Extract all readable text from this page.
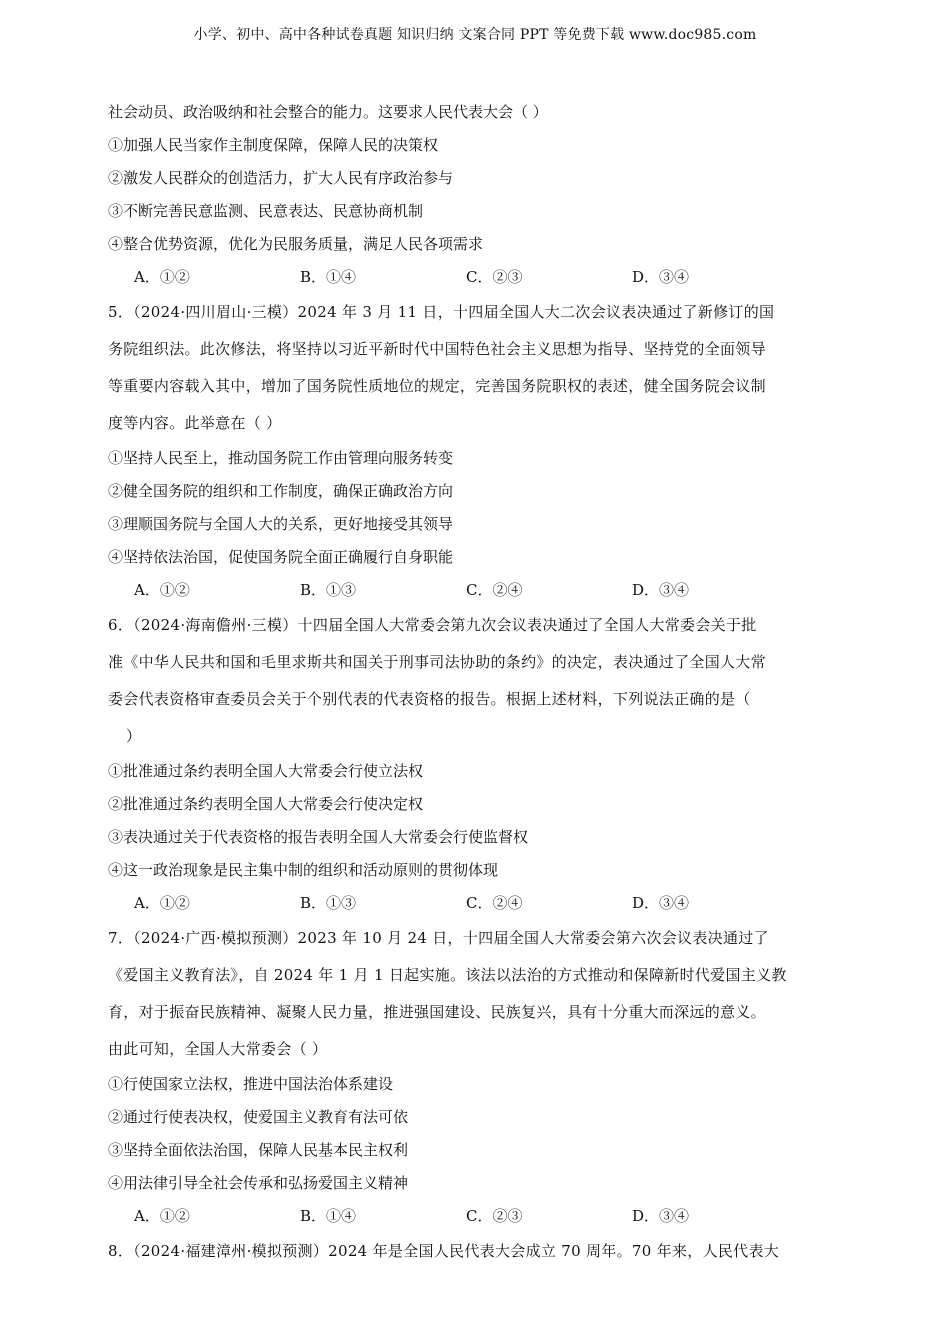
小学、初中、高中各种试卷真题 知识归纳 文案合同 PPT 等免费下载 www.doc985.com
社会动员、政治吸纳和社会整合的能力。这要求人民代表大会（ ）
①加强人民当家作主制度保障，保障人民的决策权
②激发人民群众的创造活力，扩大人民有序政治参与
③不断完善民意监测、民意表达、民意协商机制
④整合优势资源，优化为民服务质量，满足人民各项需求
A．①②	B．①④	C．②③	D．③④
5．（2024·四川眉山·三模）2024 年 3 月 11 日，十四届全国人大二次会议表决通过了新修订的国
务院组织法。此次修法，将坚持以习近平新时代中国特色社会主义思想为指导、坚持党的全面领导
等重要内容载入其中，增加了国务院性质地位的规定，完善国务院职权的表述，健全国务院会议制
度等内容。此举意在（ ）
①坚持人民至上，推动国务院工作由管理向服务转变
②健全国务院的组织和工作制度，确保正确政治方向
③理顺国务院与全国人大的关系，更好地接受其领导
④坚持依法治国，促使国务院全面正确履行自身职能
A．①②	B．①③	C．②④	D．③④
6．（2024·海南儋州·三模）十四届全国人大常委会第九次会议表决通过了全国人大常委会关于批
准《中华人民共和国和毛里求斯共和国关于刑事司法协助的条约》的决定，表决通过了全国人大常
委会代表资格审查委员会关于个别代表的代表资格的报告。根据上述材料，下列说法正确的是（
）
①批准通过条约表明全国人大常委会行使立法权
②批准通过条约表明全国人大常委会行使决定权
③表决通过关于代表资格的报告表明全国人大常委会行使监督权
④这一政治现象是民主集中制的组织和活动原则的贯彻体现
A．①②	B．①③	C．②④	D．③④
7．（2024·广西·模拟预测）2023 年 10 月 24 日，十四届全国人大常委会第六次会议表决通过了
《爱国主义教育法》，自 2024 年 1 月 1 日起实施。该法以法治的方式推动和保障新时代爱国主义教
育，对于振奋民族精神、凝聚人民力量，推进强国建设、民族复兴，具有十分重大而深远的意义。
由此可知，全国人大常委会（ ）
①行使国家立法权，推进中国法治体系建设
②通过行使表决权，使爱国主义教育有法可依
③坚持全面依法治国，保障人民基本民主权利
④用法律引导全社会传承和弘扬爱国主义精神
A．①②	B．①④	C．②③	D．③④
8．（2024·福建漳州·模拟预测）2024 年是全国人民代表大会成立 70 周年。70 年来，人民代表大
